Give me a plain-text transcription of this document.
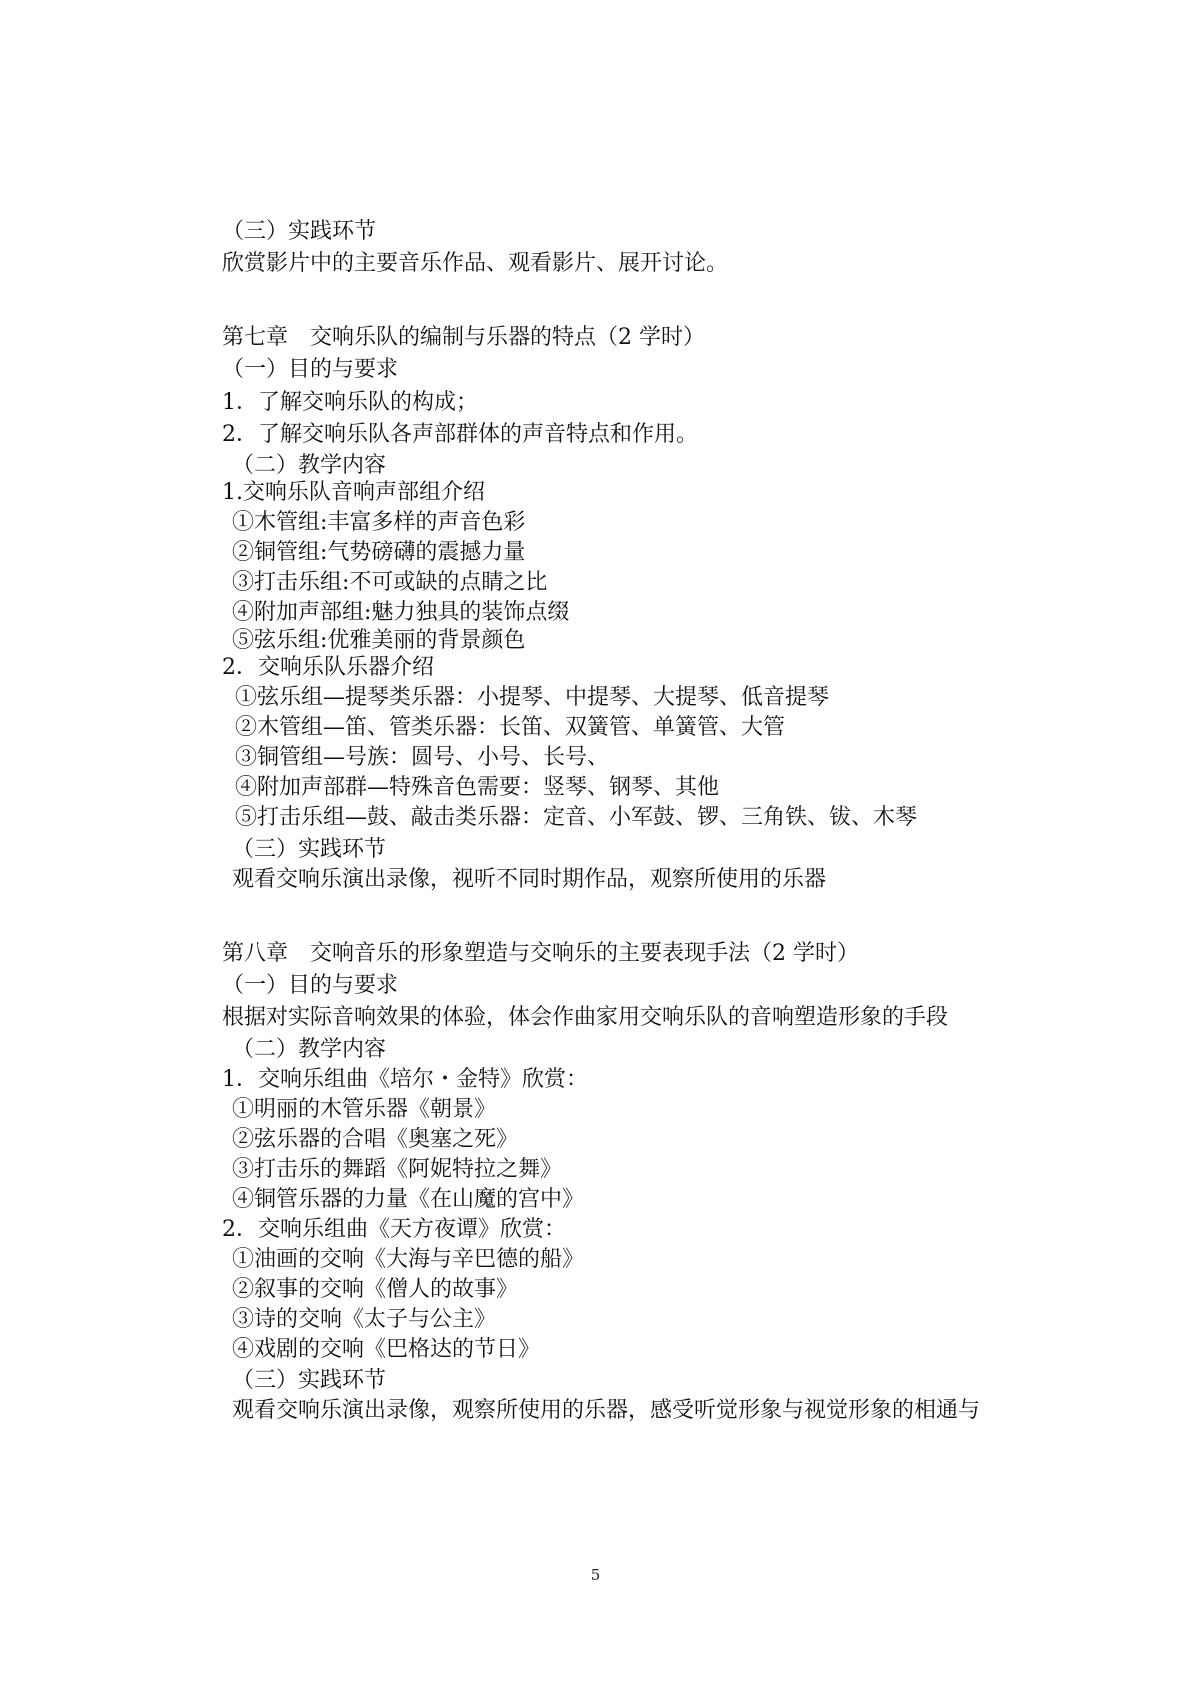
（三）实践环节
欣赏影片中的主要音乐作品、观看影片、展开讨论。
第七章　交响乐队的编制与乐器的特点（2 学时）
（一）目的与要求
1．了解交响乐队的构成；
2．了解交响乐队各声部群体的声音特点和作用。
（二）教学内容
1.交响乐队音响声部组介绍
①木管组:丰富多样的声音色彩
②铜管组:气势磅礴的震撼力量
③打击乐组:不可或缺的点睛之比
④附加声部组:魅力独具的装饰点缀
⑤弦乐组:优雅美丽的背景颜色
2．交响乐队乐器介绍
①弦乐组—提琴类乐器：小提琴、中提琴、大提琴、低音提琴
②木管组—笛、管类乐器：长笛、双簧管、单簧管、大管
③铜管组—号族：圆号、小号、长号、
④附加声部群—特殊音色需要：竖琴、钢琴、其他
⑤打击乐组—鼓、敲击类乐器：定音、小军鼓、锣、三角铁、钹、木琴
（三）实践环节
观看交响乐演出录像，视听不同时期作品，观察所使用的乐器
第八章　交响音乐的形象塑造与交响乐的主要表现手法（2 学时）
（一）目的与要求
根据对实际音响效果的体验，体会作曲家用交响乐队的音响塑造形象的手段
（二）教学内容
1．交响乐组曲《培尔・金特》欣赏：
①明丽的木管乐器《朝景》
②弦乐器的合唱《奥塞之死》
③打击乐的舞蹈《阿妮特拉之舞》
④铜管乐器的力量《在山魔的宫中》
2．交响乐组曲《天方夜谭》欣赏：
①油画的交响《大海与辛巴德的船》
②叙事的交响《僧人的故事》
③诗的交响《太子与公主》
④戏剧的交响《巴格达的节日》
（三）实践环节
观看交响乐演出录像，观察所使用的乐器，感受听觉形象与视觉形象的相通与
5
